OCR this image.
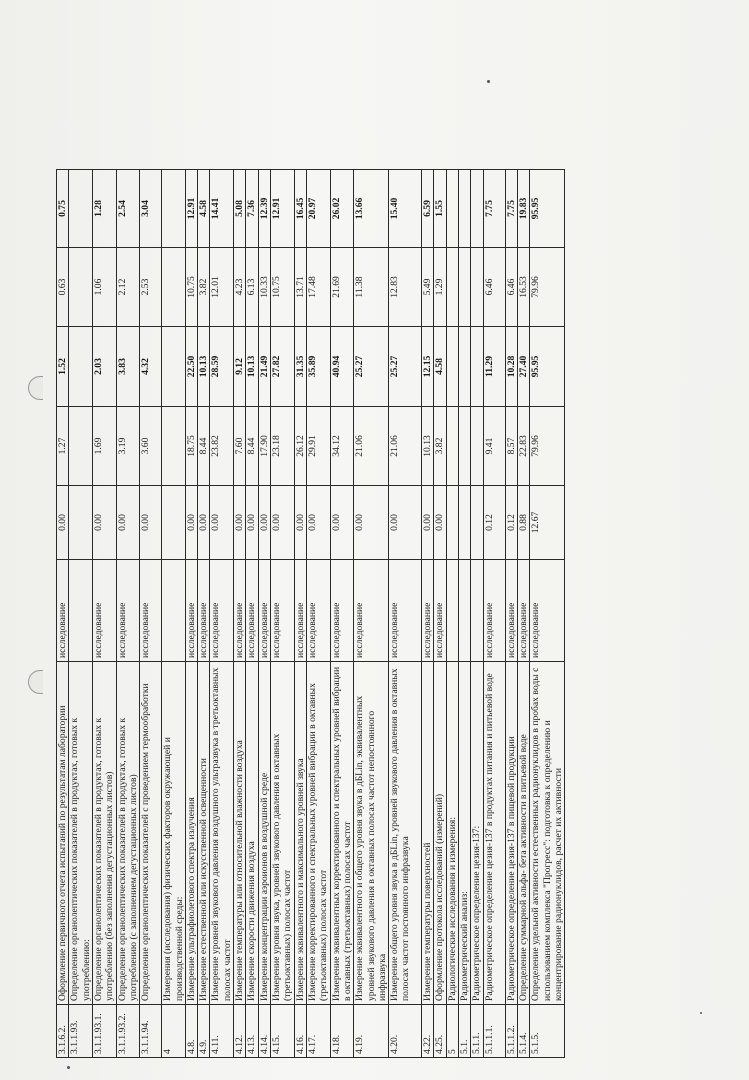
3.1.6.2.	Оформление первичного отчета испытаний по результатам лаборатории	исследование	0.00	1.27	1.52	0.63	0.75
3.1.1.93.	Определение органолептических показателей в продуктах, готовых к употреблению:						
3.1.1.93.1.	Определение органолептических показателей в продуктах, готовых к употреблению (без заполнения дегустационных листов)	исследование	0.00	1.69	2.03	1.06	1.28
3.1.1.93.2.	Определение органолептических показателей в продуктах, готовых к употреблению (с заполнением дегустационных листов)	исследование	0.00	3.19	3.83	2.12	2.54
3.1.1.94.	Определение органолептических показателей с проведением термообработки	исследование	0.00	3.60	4.32	2.53	3.04
4	Измерения (исследования) физических факторов окружающей и производственной среды:						
4.8.	Измерение ультрафиолетового спектра излучения	исследование	0.00	18.75	22.50	10.75	12.91
4.9.	Измерение естественной или искусственной освещенности	исследование	0.00	8.44	10.13	3.82	4.58
4.11.	Измерение уровней звукового давления воздушного ультразвука в третьоктавных полосах частот	исследование	0.00	23.82	28.59	12.01	14.41
4.12.	Измерение температуры или относительной влажности воздуха	исследование	0.00	7.60	9.12	4.23	5.08
4.13.	Измерение скорости движения воздуха	исследование	0.00	8.44	10.13	6.13	7.36
4.14.	Измерение концентрации аэроионов в воздушной среде	исследование	0.00	17.90	21.49	10.33	12.39
4.15.	Измерение уровня звука, уровней звукового давления в октавных (третьоктавных) полосах частот	исследование	0.00	23.18	27.82	10.75	12.91
4.16.	Измерение эквивалентного и максимального уровней звука	исследование	0.00	26.12	31.35	13.71	16.45
4.17.	Измерение корректированного и спектральных уровней вибрации в октавных (третьоктавных) полосах частот	исследование	0.00	29.91	35.89	17.48	20.97
4.18.	Измерение эквивалентных корректированного и спектральных уровней вибрации в октавных (третьоктавных) полосах частот	исследование	0.00	34.12	40.94	21.69	26.02
4.19.	Измерение эквивалентного и общего уровня звука в дБLin, эквивалентных уровней звукового давления в октавных полосах частот непостоянного инфразвука	исследование	0.00	21.06	25.27	11.38	13.66
4.20.	Измерение общего уровня звука в дБLin, уровней звукового давления в октавных полосах частот постоянного инфразвука	исследование	0.00	21.06	25.27	12.83	15.40
4.22.	Измерение температуры поверхностей	исследование	0.00	10.13	12.15	5.49	6.59
4.25.	Оформление протокола исследований (измерений)	исследование	0.00	3.82	4.58	1.29	1.55
5	Радиологические исследования и измерения:						
5.1.	Радиометрический анализ:						
5.1.1.	Радиометрическое определение цезия-137:						
5.1.1.1.	Радиометрическое определение цезия-137 в продуктах питания и питьевой воде	исследование	0.12	9.41	11.29	6.46	7.75
5.1.1.2.	Радиометрическое определение цезия-137 в пищевой продукции	исследование	0.12	8.57	10.28	6.46	7.75
5.1.4.	Определение суммарной альфа- бета активности в питьевой воде	исследование	0.88	22.83	27.40	16.53	19.83
5.1.5.	Определение удельной активности естественных радионуклидов в пробах воды с использованием комплекса "Прогресс": подготовка к определению и концентрирование радионуклидов, расчет их активности	исследование	12.67	79.96	95.95	79.96	95.95
